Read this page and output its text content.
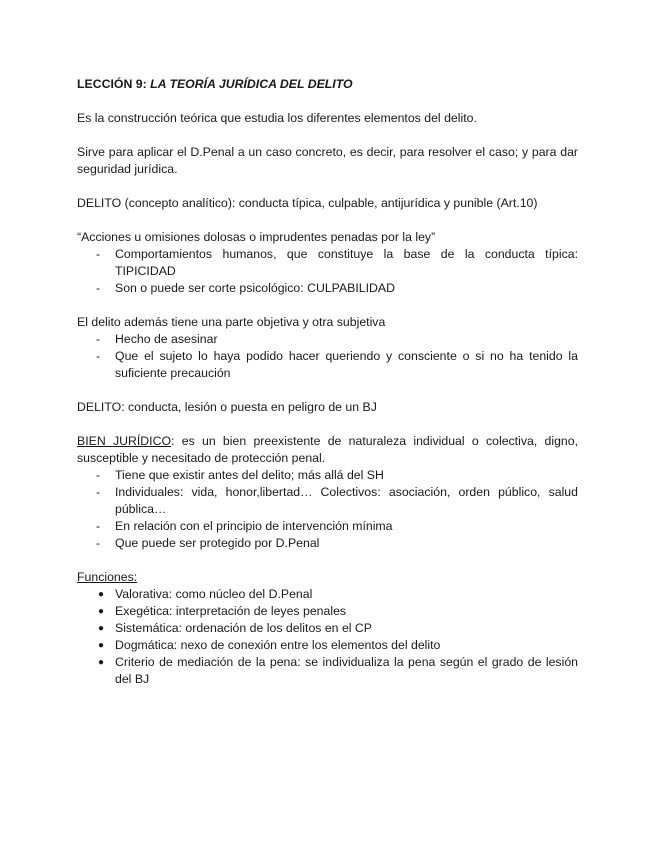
LECCIÓN 9: LA TEORÍA JURÍDICA DEL DELITO

Es la construcción teórica que estudia los diferentes elementos del delito.

Sirve para aplicar el D.Penal a un caso concreto, es decir, para resolver el caso; y para dar seguridad jurídica.

DELITO (concepto analítico): conducta típica, culpable, antijurídica y punible (Art.10)

“Acciones u omisiones dolosas o imprudentes penadas por la ley”

- Comportamientos humanos, que constituye la base de la conducta típica: TIPICIDAD
- Son o puede ser corte psicológico: CULPABILIDAD

El delito además tiene una parte objetiva y otra subjetiva

- Hecho de asesinar
- Que el sujeto lo haya podido hacer queriendo y consciente o si no ha tenido la suficiente precaución

DELITO: conducta, lesión o puesta en peligro de un BJ

BIEN JURÍDICO: es un bien preexistente de naturaleza individual o colectiva, digno, susceptible y necesitado de protección penal.

- Tiene que existir antes del delito; más allá del SH
- Individuales: vida, honor,libertad… Colectivos: asociación, orden público, salud pública…
- En relación con el principio de intervención mínima
- Que puede ser protegido por D.Penal

Funciones:

● Valorativa: como núcleo del D.Penal
● Exegética: interpretación de leyes penales
● Sistemática: ordenación de los delitos en el CP
● Dogmática: nexo de conexión entre los elementos del delito
● Criterio de mediación de la pena: se individualiza la pena según el grado de lesión del BJ
